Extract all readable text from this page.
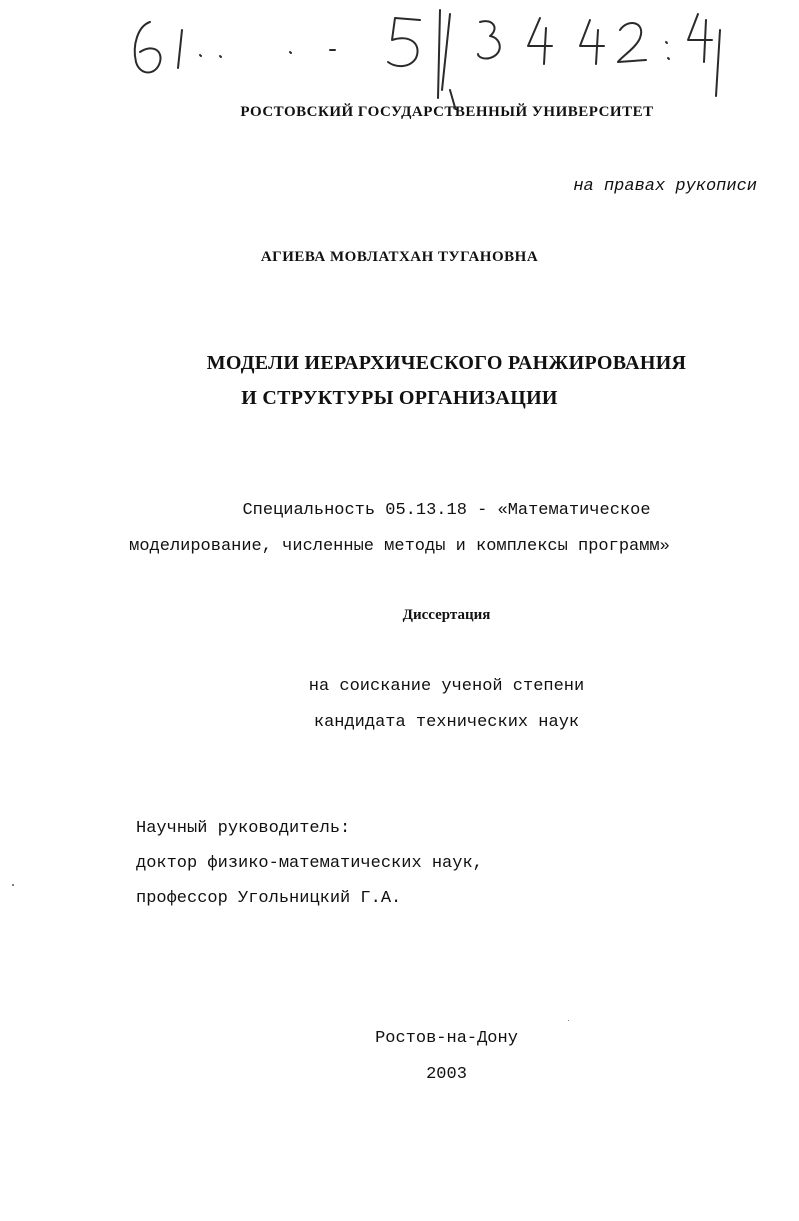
РОСТОВСКИЙ ГОСУДАРСТВЕННЫЙ УНИВЕРСИТЕТ
на правах рукописи
АГИЕВА МОВЛАТХАН ТУГАНОВНА
МОДЕЛИ ИЕРАРХИЧЕСКОГО РАНЖИРОВАНИЯ
И СТРУКТУРЫ ОРГАНИЗАЦИИ
Специальность 05.13.18 - «Математическое
моделирование, численные методы и комплексы программ»
Диссертация
на соискание ученой степени
кандидата технических наук
Научный руководитель:
доктор физико-математических наук,
профессор Угольницкий Г.А.
Ростов-на-Дону
2003
